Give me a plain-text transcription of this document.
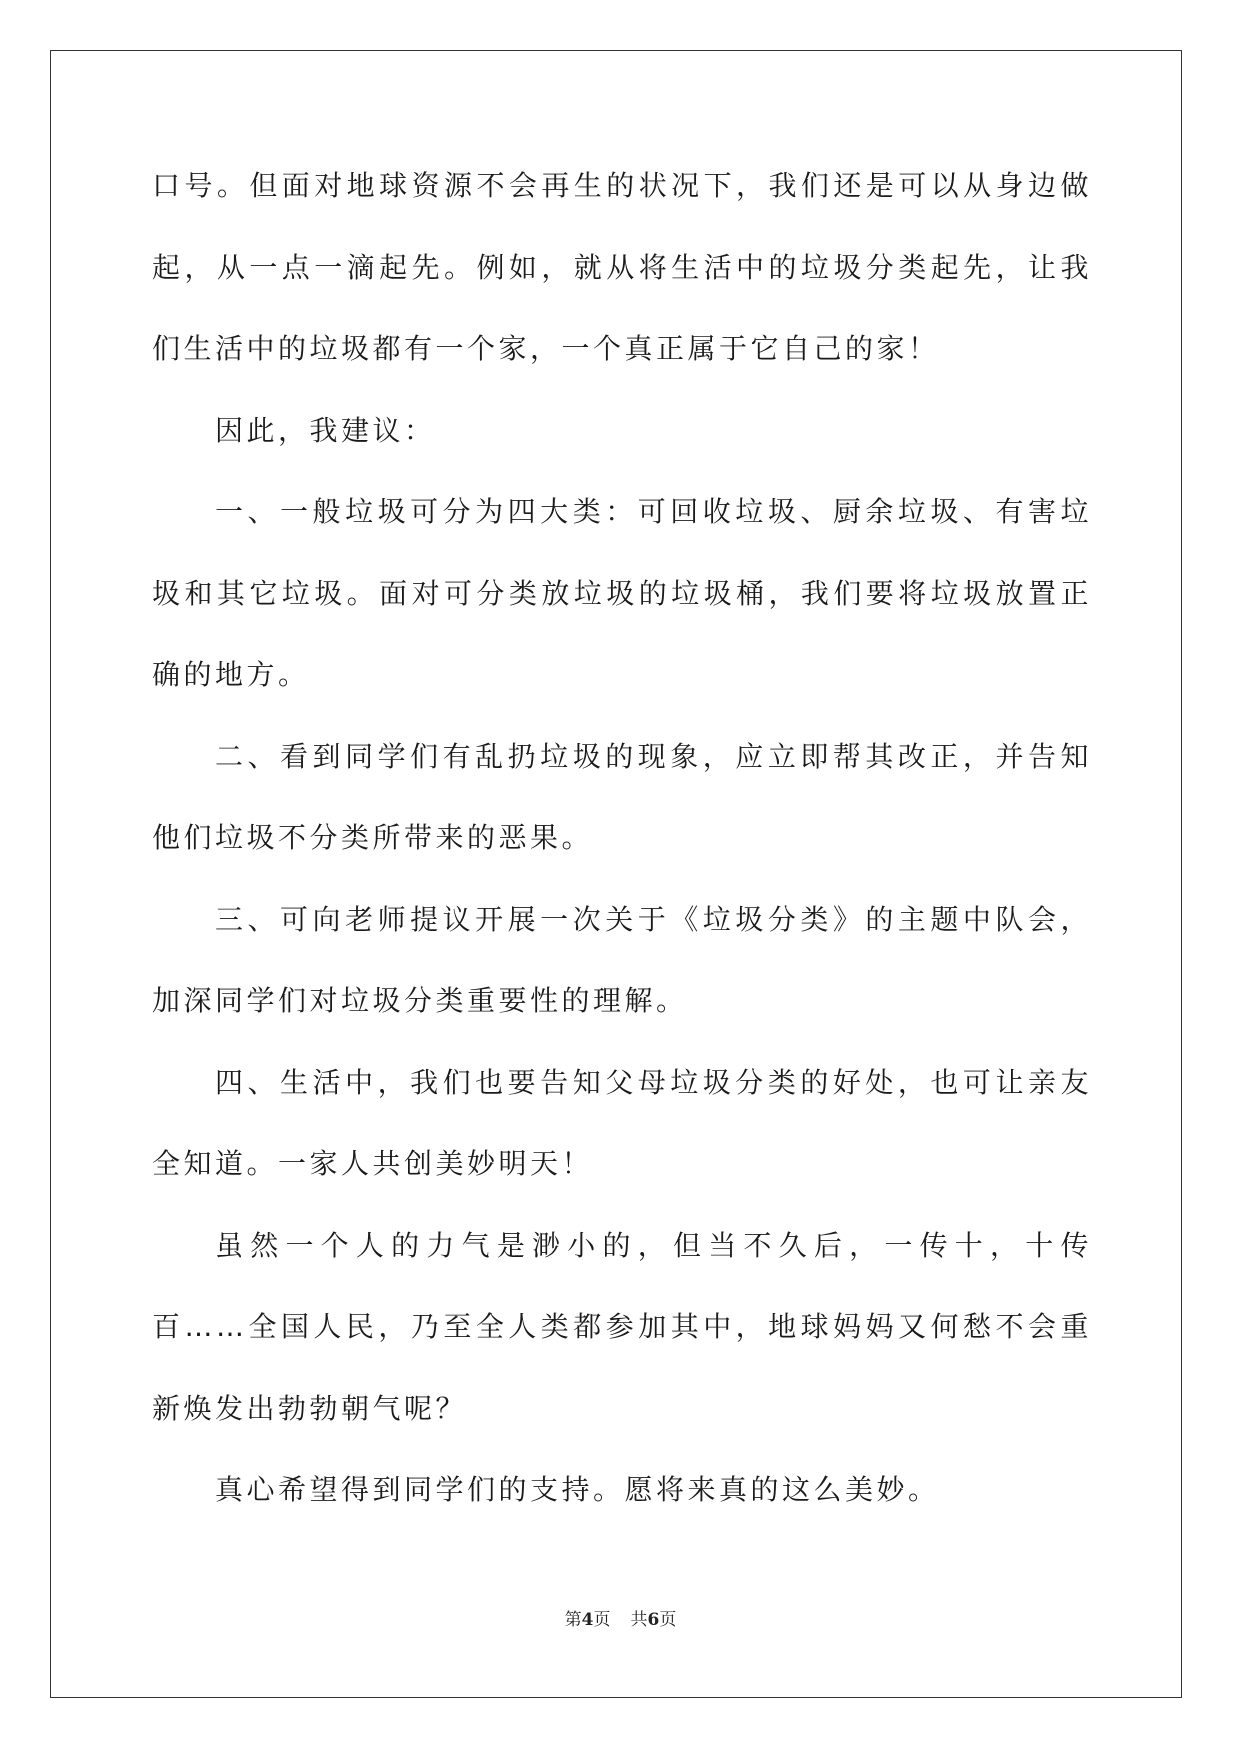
口号。但面对地球资源不会再生的状况下，我们还是可以从身边做起，从一点一滴起先。例如，就从将生活中的垃圾分类起先，让我们生活中的垃圾都有一个家，一个真正属于它自己的家！

因此，我建议：

一、一般垃圾可分为四大类：可回收垃圾、厨余垃圾、有害垃圾和其它垃圾。面对可分类放垃圾的垃圾桶，我们要将垃圾放置正确的地方。

二、看到同学们有乱扔垃圾的现象，应立即帮其改正，并告知他们垃圾不分类所带来的恶果。

三、可向老师提议开展一次关于《垃圾分类》的主题中队会，加深同学们对垃圾分类重要性的理解。

四、生活中，我们也要告知父母垃圾分类的好处，也可让亲友全知道。一家人共创美妙明天！

虽然一个人的力气是渺小的，但当不久后，一传十，十传百……全国人民，乃至全人类都参加其中，地球妈妈又何愁不会重新焕发出勃勃朝气呢？

真心希望得到同学们的支持。愿将来真的这么美妙。

第4页 共6页
